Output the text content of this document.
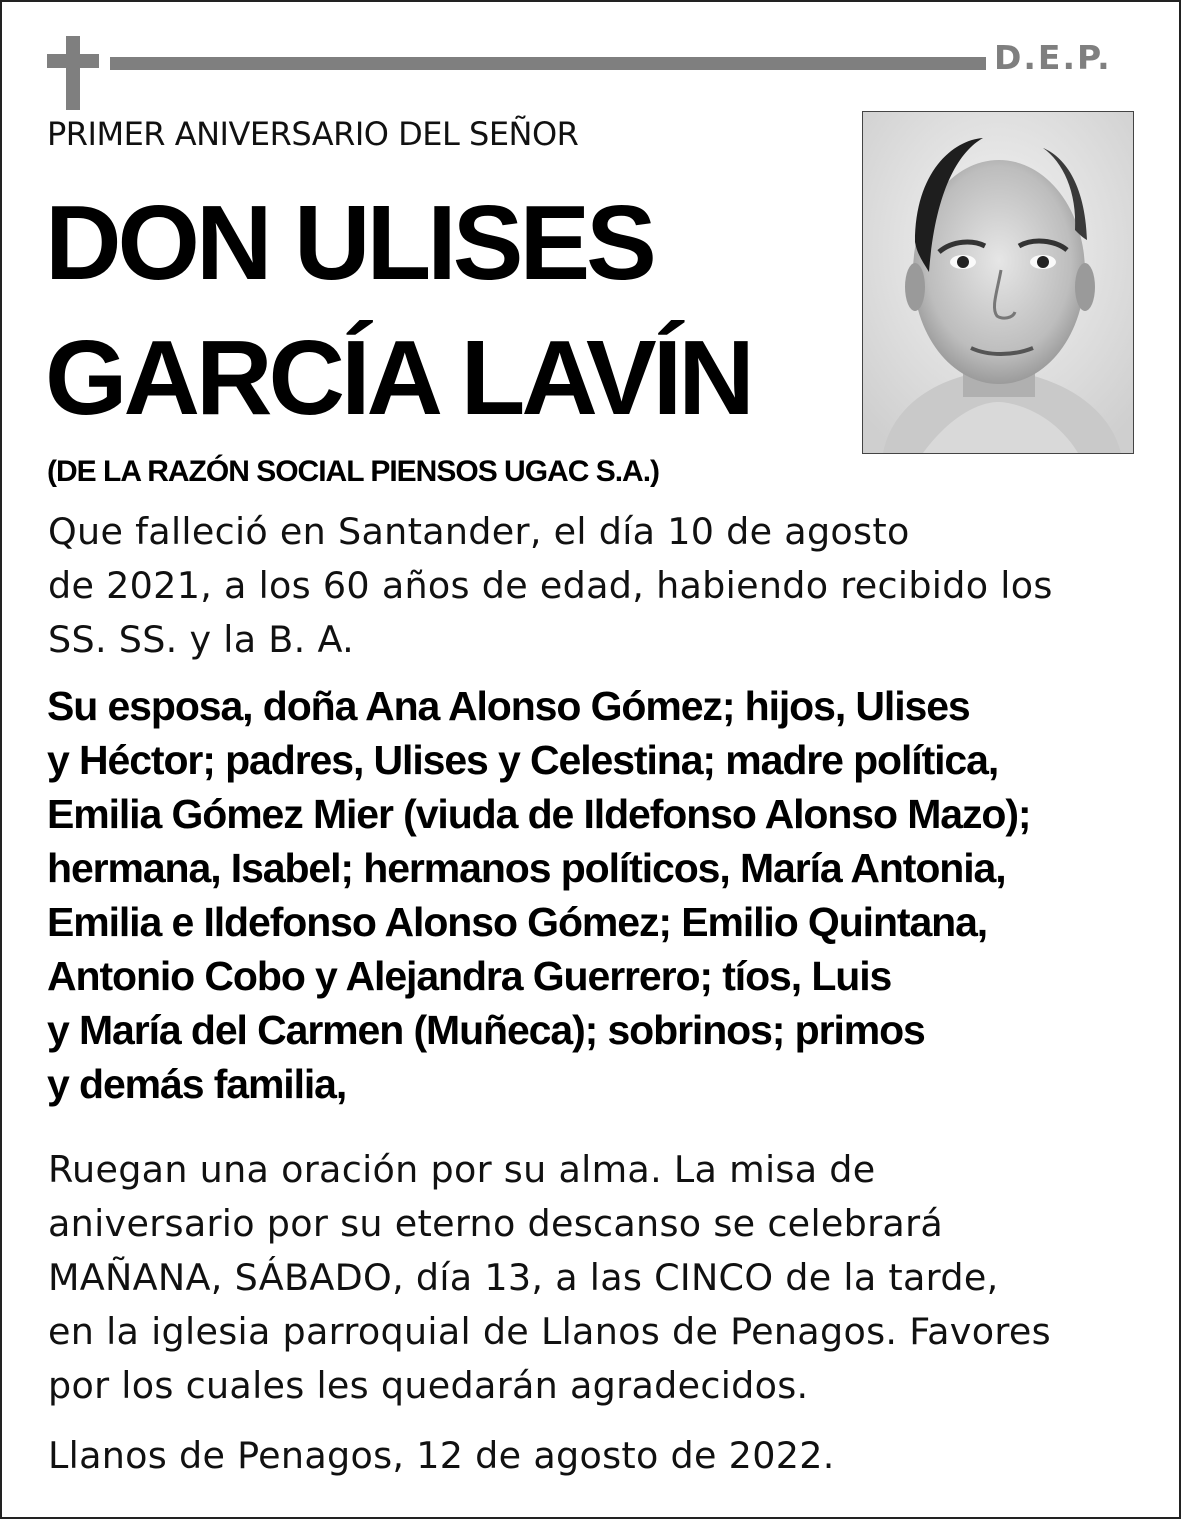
D.E.P.
PRIMER ANIVERSARIO DEL SEÑOR
DON ULISES
GARCÍA LAVÍN
(DE LA RAZÓN SOCIAL PIENSOS UGAC S.A.)

Que falleció en Santander, el día 10 de agosto
de 2021, a los 60 años de edad, habiendo recibido los
SS. SS. y la B. A.

Su esposa, doña Ana Alonso Gómez; hijos, Ulises
y Héctor; padres, Ulises y Celestina; madre política,
Emilia Gómez Mier (viuda de Ildefonso Alonso Mazo);
hermana, Isabel; hermanos políticos, María Antonia,
Emilia e Ildefonso Alonso Gómez; Emilio Quintana,
Antonio Cobo y Alejandra Guerrero; tíos, Luis
y María del Carmen (Muñeca); sobrinos; primos
y demás familia,

Ruegan una oración por su alma. La misa de
aniversario por su eterno descanso se celebrará
MAÑANA, SÁBADO, día 13, a las CINCO de la tarde,
en la iglesia parroquial de Llanos de Penagos. Favores
por los cuales les quedarán agradecidos.

Llanos de Penagos, 12 de agosto de 2022.
